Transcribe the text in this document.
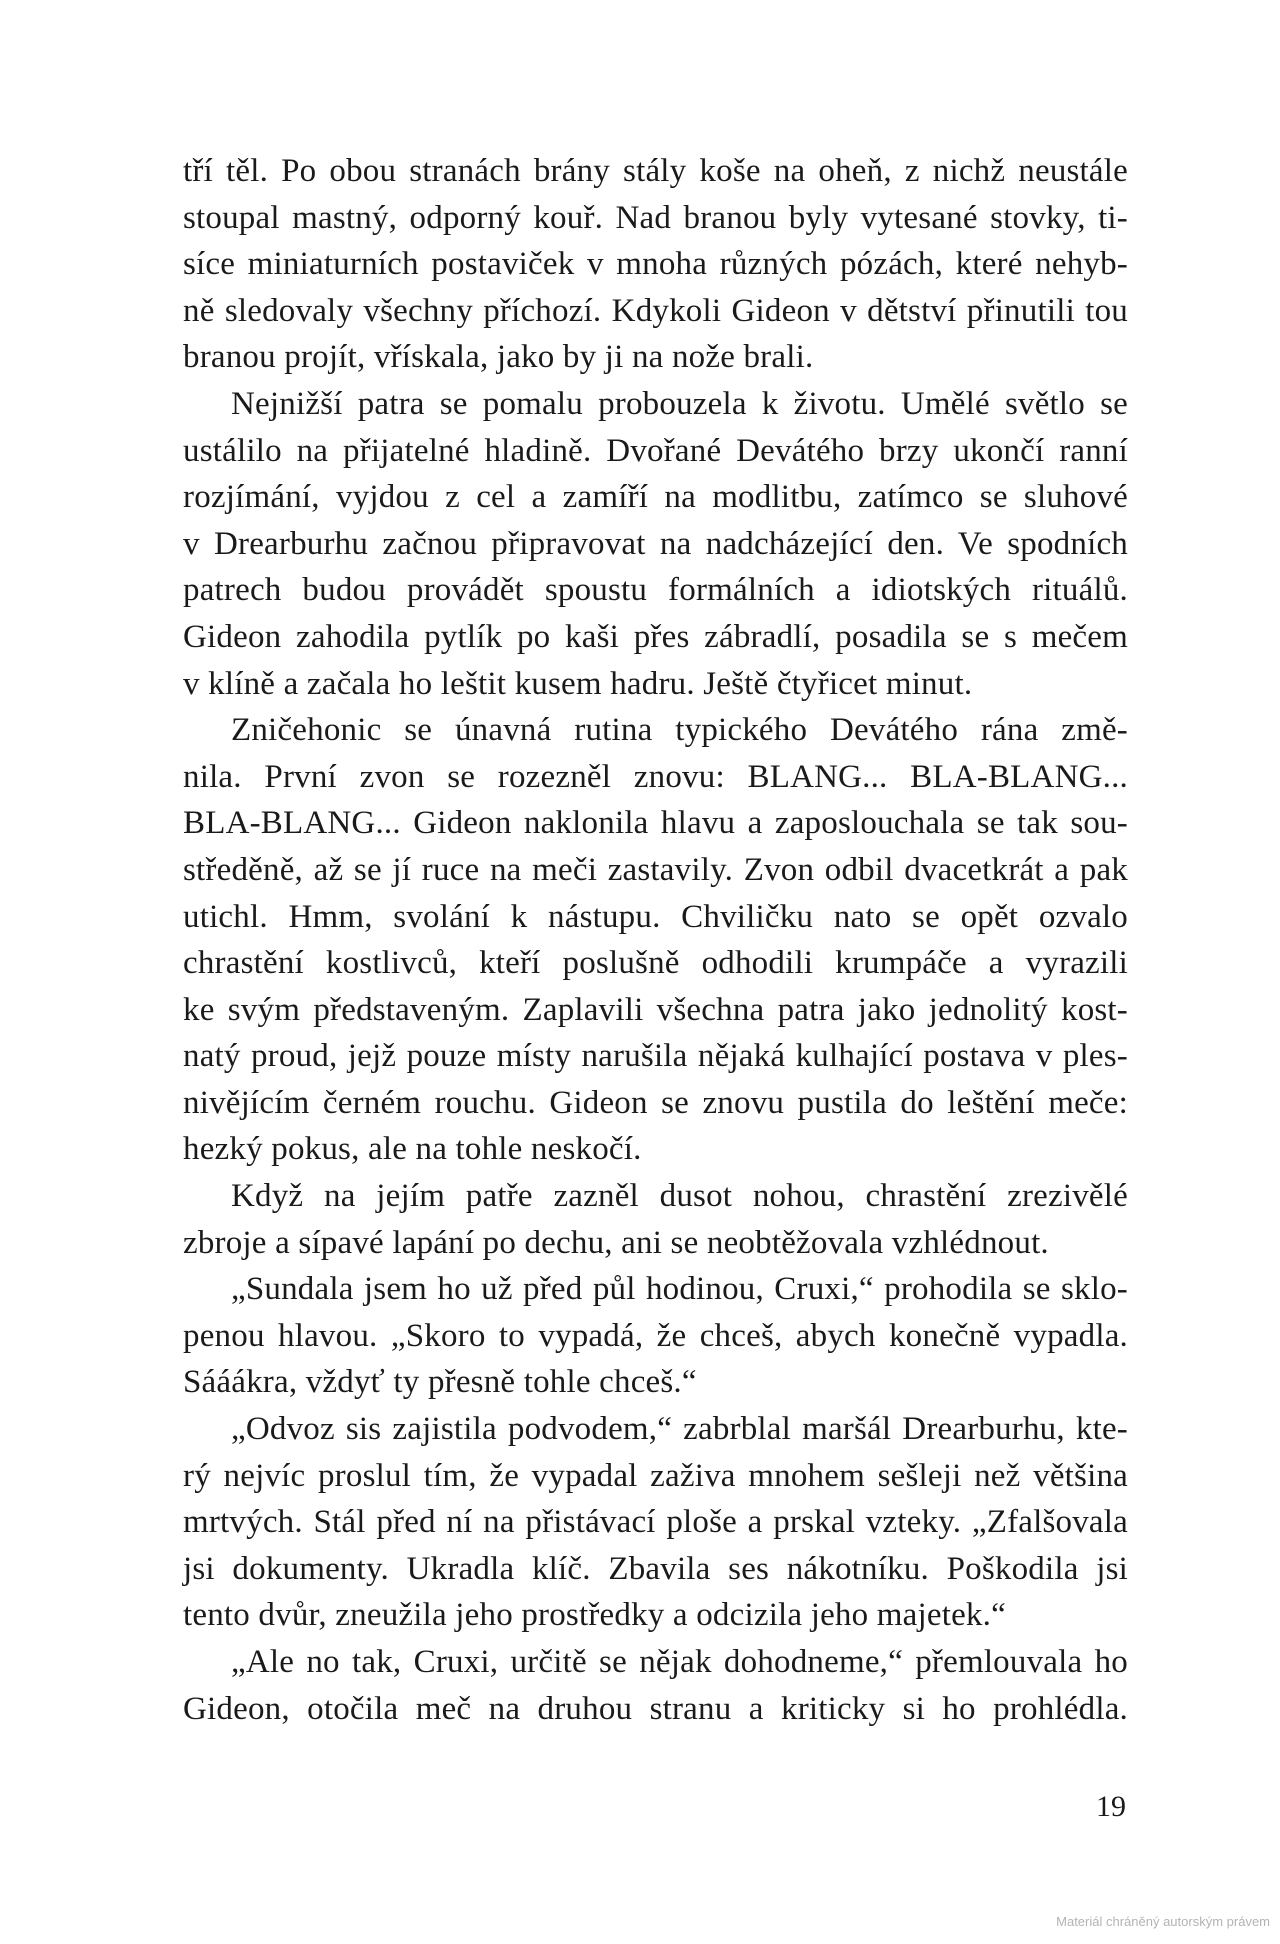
tří těl. Po obou stranách brány stály koše na oheň, z nichž neustále
stoupal mastný, odporný kouř. Nad branou byly vytesané stovky, ti-
síce miniaturních postaviček v mnoha různých pózách, které nehyb-
ně sledovaly všechny příchozí. Kdykoli Gideon v dětství přinutili tou
branou projít, vřískala, jako by ji na nože brali.
Nejnižší patra se pomalu probouzela k životu. Umělé světlo se
ustálilo na přijatelné hladině. Dvořané Devátého brzy ukončí ranní
rozjímání, vyjdou z cel a zamíří na modlitbu, zatímco se sluhové
v Drearburhu začnou připravovat na nadcházející den. Ve spodních
patrech budou provádět spoustu formálních a idiotských rituálů.
Gideon zahodila pytlík po kaši přes zábradlí, posadila se s mečem
v klíně a začala ho leštit kusem hadru. Ještě čtyřicet minut.
Zničehonic se únavná rutina typického Devátého rána změ-
nila. První zvon se rozezněl znovu: BLANG... BLA-BLANG...
BLA-BLANG... Gideon naklonila hlavu a zaposlouchala se tak sou-
středěně, až se jí ruce na meči zastavily. Zvon odbil dvacetkrát a pak
utichl. Hmm, svolání k nástupu. Chviličku nato se opět ozvalo
chrastění kostlivců, kteří poslušně odhodili krumpáče a vyrazili
ke svým představeným. Zaplavili všechna patra jako jednolitý kost-
natý proud, jejž pouze místy narušila nějaká kulhající postava v ples-
nivějícím černém rouchu. Gideon se znovu pustila do leštění meče:
hezký pokus, ale na tohle neskočí.
Když na jejím patře zazněl dusot nohou, chrastění zrezivělé
zbroje a sípavé lapání po dechu, ani se neobtěžovala vzhlédnout.
„Sundala jsem ho už před půl hodinou, Cruxi,“ prohodila se sklo-
penou hlavou. „Skoro to vypadá, že chceš, abych konečně vypadla.
Sááákra, vždyť ty přesně tohle chceš.“
„Odvoz sis zajistila podvodem,“ zabrblal maršál Drearburhu, kte-
rý nejvíc proslul tím, že vypadal zaživa mnohem sešleji než většina
mrtvých. Stál před ní na přistávací ploše a prskal vzteky. „Zfalšovala
jsi dokumenty. Ukradla klíč. Zbavila ses nákotníku. Poškodila jsi
tento dvůr, zneužila jeho prostředky a odcizila jeho majetek.“
„Ale no tak, Cruxi, určitě se nějak dohodneme,“ přemlouvala ho
Gideon, otočila meč na druhou stranu a kriticky si ho prohlédla.
19
Materiál chráněný autorským právem
